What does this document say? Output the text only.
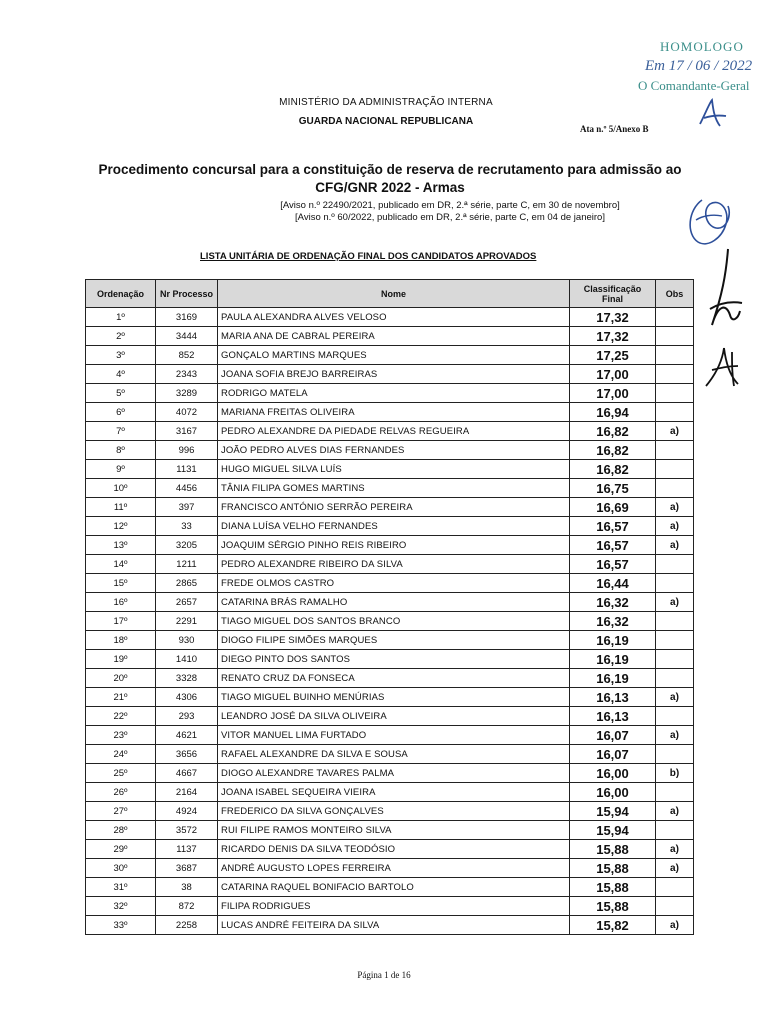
HOMOLOGO
Em 17 / 06 / 2022
O Comandante-Geral
MINISTÉRIO DA ADMINISTRAÇÃO INTERNA
GUARDA NACIONAL REPUBLICANA
Ata n.º 5/Anexo B
Procedimento concursal para a constituição de reserva de recrutamento para admissão ao
CFG/GNR 2022 - Armas
[Aviso n.º 22490/2021, publicado em DR, 2.ª série, parte C, em 30 de novembro]
[Aviso n.º 60/2022, publicado em DR, 2.ª série, parte C, em 04 de janeiro]
LISTA UNITÁRIA DE ORDENAÇÃO FINAL DOS CANDIDATOS APROVADOS
Ordenação	Nr Processo	Nome	Classificação Final	Obs
1º	3169	PAULA ALEXANDRA ALVES VELOSO	17,32	
2º	3444	MARIA ANA DE CABRAL PEREIRA	17,32	
3º	852	GONÇALO MARTINS MARQUES	17,25	
4º	2343	JOANA SOFIA BREJO BARREIRAS	17,00	
5º	3289	RODRIGO MATELA	17,00	
6º	4072	MARIANA FREITAS OLIVEIRA	16,94	
7º	3167	PEDRO ALEXANDRE DA PIEDADE RELVAS REGUEIRA	16,82	a)
8º	996	JOÃO PEDRO ALVES DIAS FERNANDES	16,82	
9º	1131	HUGO MIGUEL SILVA LUÍS	16,82	
10º	4456	TÂNIA FILIPA GOMES MARTINS	16,75	
11º	397	FRANCISCO ANTÓNIO SERRÃO PEREIRA	16,69	a)
12º	33	DIANA LUÍSA VELHO FERNANDES	16,57	a)
13º	3205	JOAQUIM SÉRGIO PINHO REIS RIBEIRO	16,57	a)
14º	1211	PEDRO ALEXANDRE RIBEIRO DA SILVA	16,57	
15º	2865	FREDE OLMOS CASTRO	16,44	
16º	2657	CATARINA BRÁS RAMALHO	16,32	a)
17º	2291	TIAGO MIGUEL DOS SANTOS BRANCO	16,32	
18º	930	DIOGO FILIPE SIMÕES MARQUES	16,19	
19º	1410	DIEGO PINTO DOS SANTOS	16,19	
20º	3328	RENATO CRUZ DA FONSECA	16,19	
21º	4306	TIAGO MIGUEL BUINHO MENÚRIAS	16,13	a)
22º	293	LEANDRO JOSÉ DA SILVA OLIVEIRA	16,13	
23º	4621	VITOR MANUEL LIMA FURTADO	16,07	a)
24º	3656	RAFAEL ALEXANDRE DA SILVA E SOUSA	16,07	
25º	4667	DIOGO ALEXANDRE TAVARES PALMA	16,00	b)
26º	2164	JOANA ISABEL SEQUEIRA VIEIRA	16,00	
27º	4924	FREDERICO DA SILVA GONÇALVES	15,94	a)
28º	3572	RUI FILIPE RAMOS MONTEIRO SILVA	15,94	
29º	1137	RICARDO DENIS DA SILVA TEODÓSIO	15,88	a)
30º	3687	ANDRÉ AUGUSTO LOPES FERREIRA	15,88	a)
31º	38	CATARINA RAQUEL BONIFACIO BARTOLO	15,88	
32º	872	FILIPA RODRIGUES	15,88	
33º	2258	LUCAS ANDRÉ FEITEIRA DA SILVA	15,82	a)
Página 1 de 16
